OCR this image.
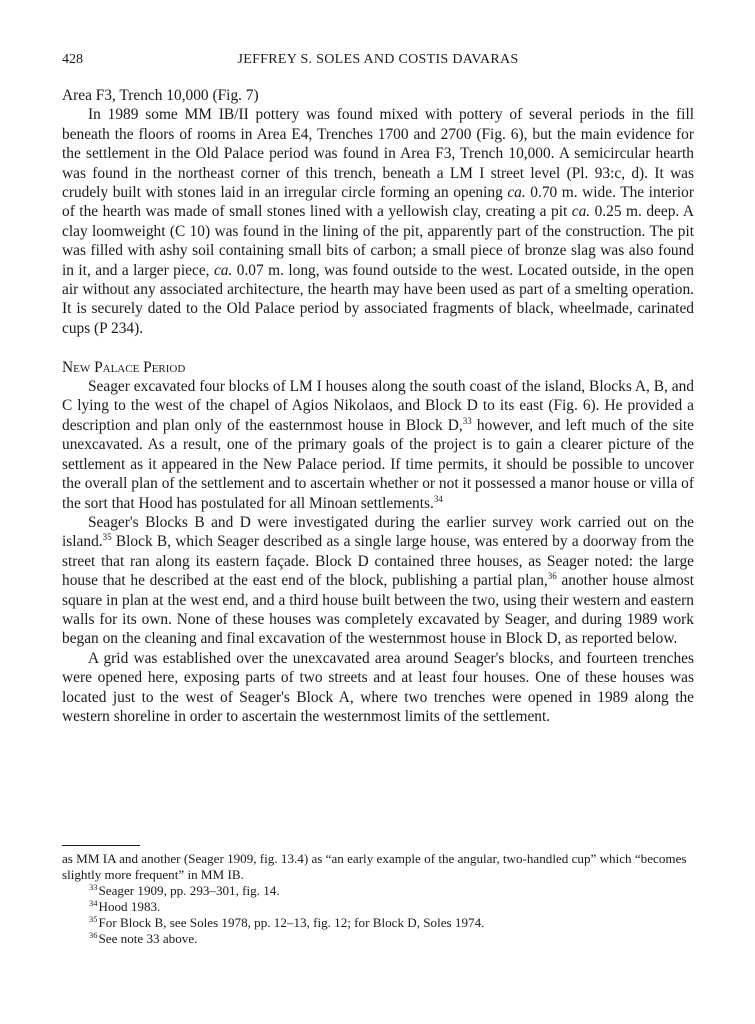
428	JEFFREY S. SOLES AND COSTIS DAVARAS

Area F3, Trench 10,000 (Fig. 7)

In 1989 some MM IB/II pottery was found mixed with pottery of several periods in the fill beneath the floors of rooms in Area E4, Trenches 1700 and 2700 (Fig. 6), but the main evidence for the settlement in the Old Palace period was found in Area F3, Trench 10,000. A semicircular hearth was found in the northeast corner of this trench, beneath a LM I street level (Pl. 93:c, d). It was crudely built with stones laid in an irregular circle forming an opening ca. 0.70 m. wide. The interior of the hearth was made of small stones lined with a yellowish clay, creating a pit ca. 0.25 m. deep. A clay loomweight (C 10) was found in the lining of the pit, apparently part of the construction. The pit was filled with ashy soil containing small bits of carbon; a small piece of bronze slag was also found in it, and a larger piece, ca. 0.07 m. long, was found outside to the west. Located outside, in the open air without any associated architecture, the hearth may have been used as part of a smelting operation. It is securely dated to the Old Palace period by associated fragments of black, wheelmade, carinated cups (P 234).

New Palace Period

Seager excavated four blocks of LM I houses along the south coast of the island, Blocks A, B, and C lying to the west of the chapel of Agios Nikolaos, and Block D to its east (Fig. 6). He provided a description and plan only of the easternmost house in Block D,$^{33}$ however, and left much of the site unexcavated. As a result, one of the primary goals of the project is to gain a clearer picture of the settlement as it appeared in the New Palace period. If time permits, it should be possible to uncover the overall plan of the settlement and to ascertain whether or not it possessed a manor house or villa of the sort that Hood has postulated for all Minoan settlements.$^{34}$

Seager's Blocks B and D were investigated during the earlier survey work carried out on the island.$^{35}$ Block B, which Seager described as a single large house, was entered by a doorway from the street that ran along its eastern façade. Block D contained three houses, as Seager noted: the large house that he described at the east end of the block, publishing a partial plan,$^{36}$ another house almost square in plan at the west end, and a third house built between the two, using their western and eastern walls for its own. None of these houses was completely excavated by Seager, and during 1989 work began on the cleaning and final excavation of the westernmost house in Block D, as reported below.

A grid was established over the unexcavated area around Seager's blocks, and fourteen trenches were opened here, exposing parts of two streets and at least four houses. One of these houses was located just to the west of Seager's Block A, where two trenches were opened in 1989 along the western shoreline in order to ascertain the westernmost limits of the settlement.

as MM IA and another (Seager 1909, fig. 13.4) as “an early example of the angular, two-handled cup” which “becomes slightly more frequent” in MM IB.

$^{33}$Seager 1909, pp. 293–301, fig. 14.

$^{34}$Hood 1983.

$^{35}$For Block B, see Soles 1978, pp. 12–13, fig. 12; for Block D, Soles 1974.

$^{36}$See note 33 above.
